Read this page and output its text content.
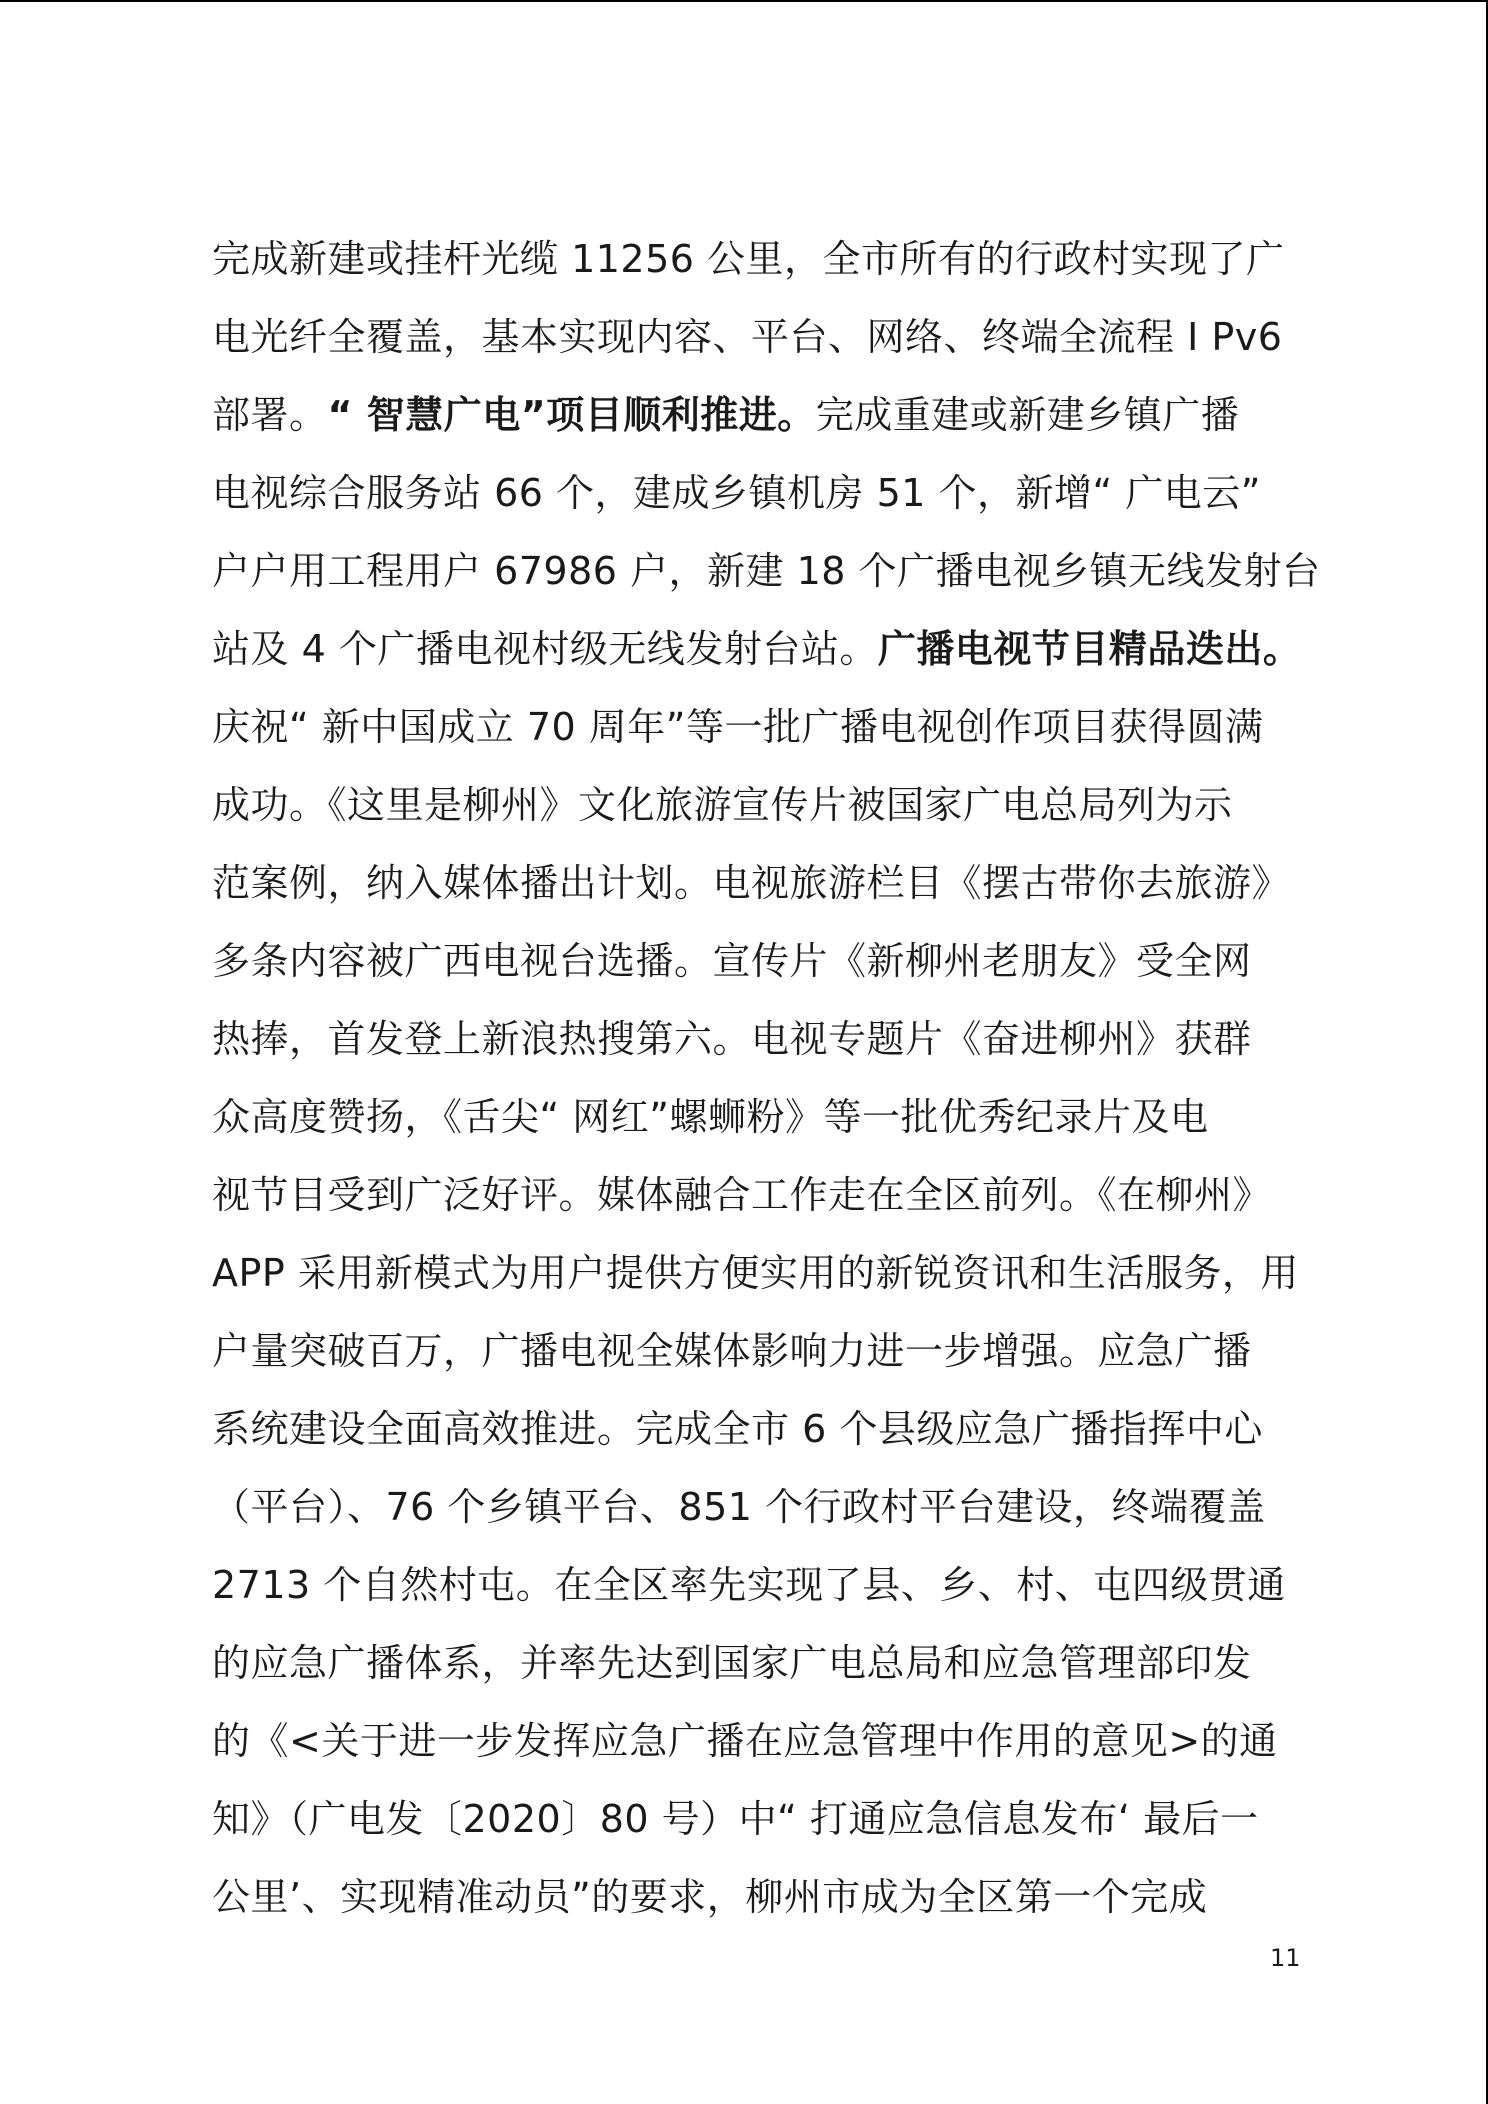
完成新建或挂杆光缆 11256 公里，全市所有的行政村实现了广
电光纤全覆盖，基本实现内容、平台、网络、终端全流程 I Pv6
部署。“ 智慧广电”项目顺利推进。完成重建或新建乡镇广播
电视综合服务站 66 个，建成乡镇机房 51 个，新增“ 广电云”
户户用工程用户 67986 户，新建 18 个广播电视乡镇无线发射台
站及 4 个广播电视村级无线发射台站。广播电视节目精品迭出。
庆祝“ 新中国成立 70 周年”等一批广播电视创作项目获得圆满
成功。《这里是柳州》文化旅游宣传片被国家广电总局列为示
范案例，纳入媒体播出计划。电视旅游栏目《摆古带你去旅游》
多条内容被广西电视台选播。宣传片《新柳州老朋友》受全网
热捧，首发登上新浪热搜第六。电视专题片《奋进柳州》获群
众高度赞扬，《舌尖“ 网红”螺蛳粉》等一批优秀纪录片及电
视节目受到广泛好评。媒体融合工作走在全区前列。《在柳州》
APP 采用新模式为用户提供方便实用的新锐资讯和生活服务，用
户量突破百万，广播电视全媒体影响力进一步增强。应急广播
系统建设全面高效推进。完成全市 6 个县级应急广播指挥中心
（平台）、76 个乡镇平台、851 个行政村平台建设，终端覆盖
2713 个自然村屯。在全区率先实现了县、乡、村、屯四级贯通
的应急广播体系，并率先达到国家广电总局和应急管理部印发
的《<关于进一步发挥应急广播在应急管理中作用的意见>的通
知》（广电发〔2020〕80 号）中“ 打通应急信息发布‘ 最后一
公里’、实现精准动员”的要求，柳州市成为全区第一个完成
11
